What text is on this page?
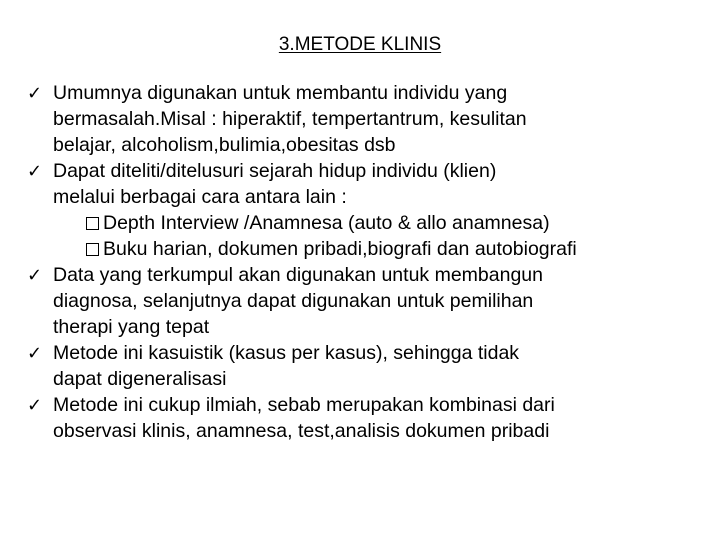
3.METODE KLINIS
✓ Umumnya digunakan untuk membantu individu yang
bermasalah.Misal : hiperaktif, tempertantrum, kesulitan
belajar, alcoholism,bulimia,obesitas dsb
✓ Dapat diteliti/ditelusuri sejarah hidup individu (klien)
melalui berbagai cara antara lain :
Depth Interview /Anamnesa (auto & allo anamnesa)
Buku harian, dokumen pribadi,biografi dan autobiografi
✓ Data yang terkumpul akan digunakan untuk membangun
diagnosa, selanjutnya dapat digunakan untuk pemilihan
therapi yang tepat
✓ Metode ini kasuistik (kasus per kasus), sehingga tidak
dapat digeneralisasi
✓ Metode ini cukup ilmiah, sebab merupakan kombinasi dari
observasi klinis, anamnesa, test,analisis dokumen pribadi
